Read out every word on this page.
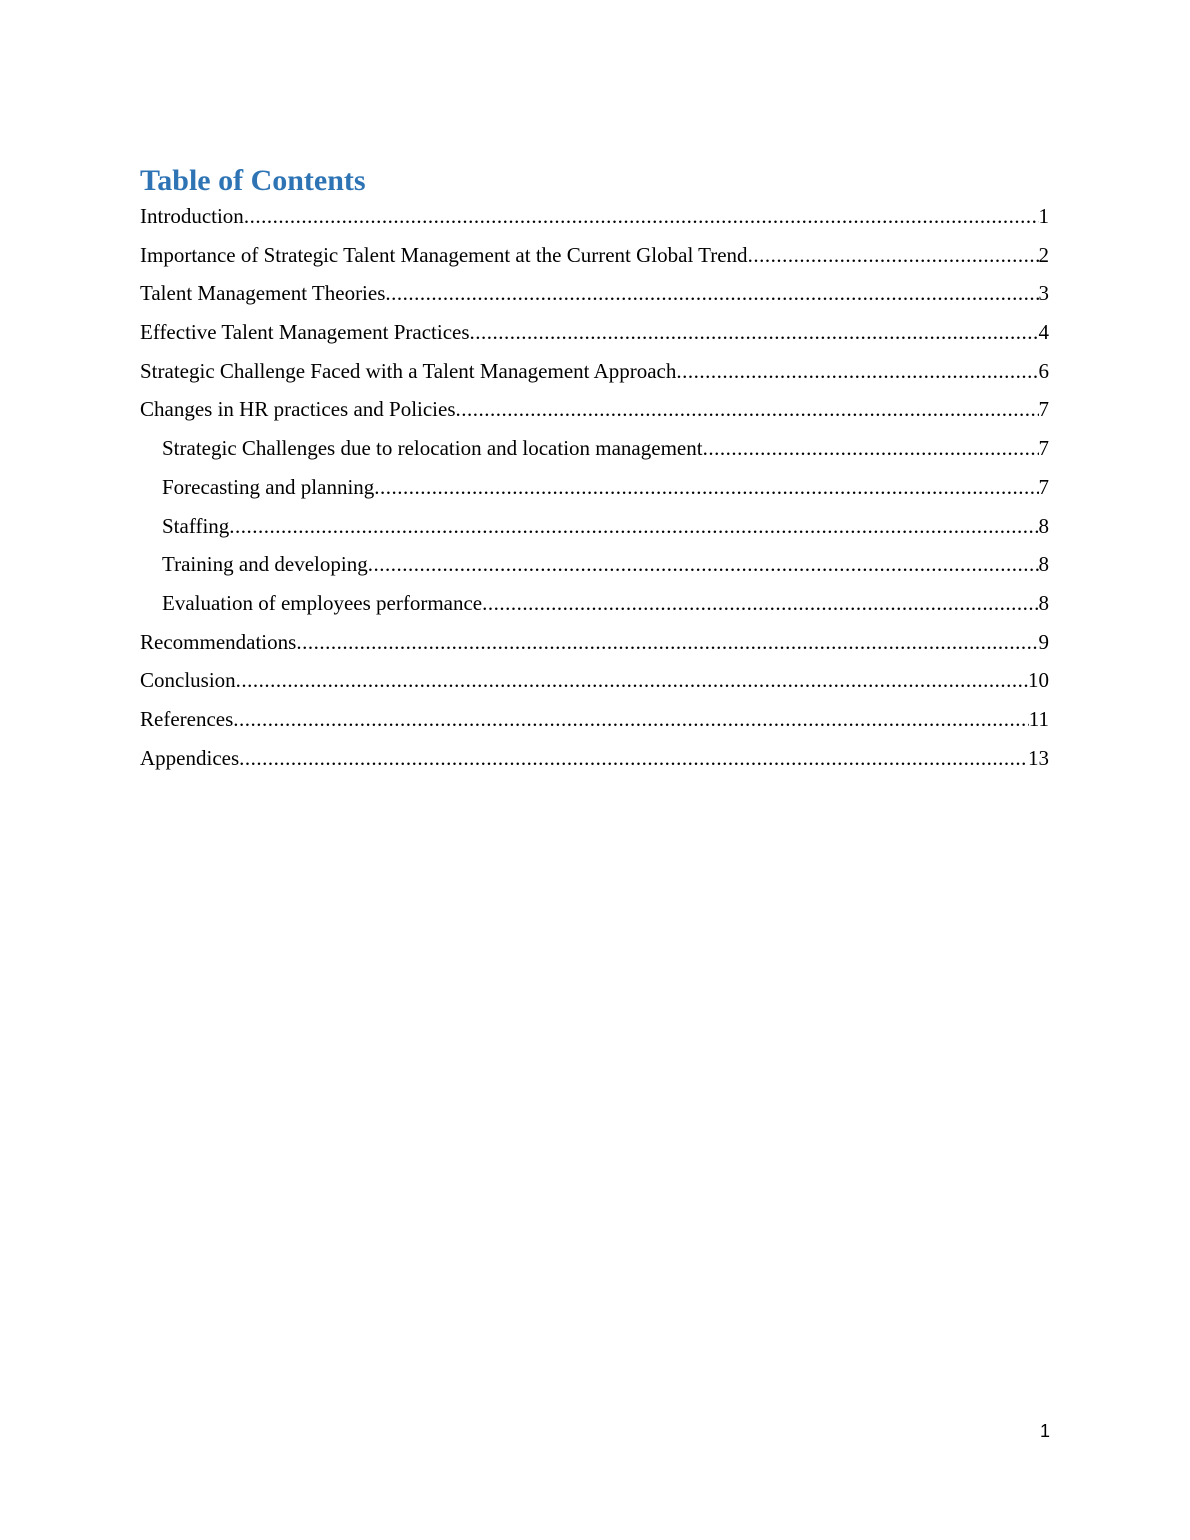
Table of Contents
Introduction .....	1
Importance of Strategic Talent Management at the Current Global Trend .....	2
Talent Management Theories .....	3
Effective Talent Management Practices .....	4
Strategic Challenge Faced with a Talent Management Approach .....	6
Changes in HR practices and Policies .....	7
Strategic Challenges due to relocation and location management .....	7
Forecasting and planning .....	7
Staffing .....	8
Training and developing .....	8
Evaluation of employees performance .....	8
Recommendations .....	9
Conclusion .....	10
References .....	11
Appendices .....	13
1
